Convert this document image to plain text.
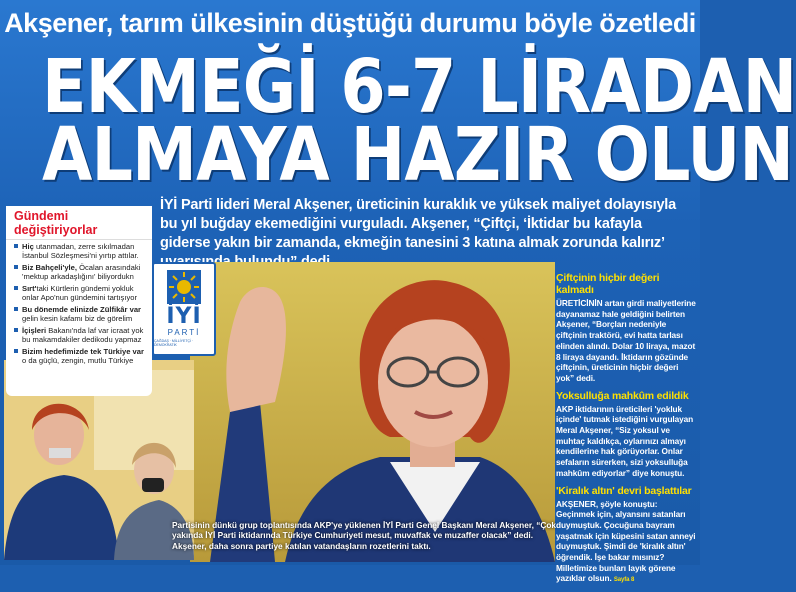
Akşener, tarım ülkesinin düştüğü durumu böyle özetledi
EKMEĞİ 6-7 LİRADAN
ALMAYA HAZIR OLUN
İYİ Parti lideri Meral Akşener, üreticinin kuraklık ve yüksek maliyet dolayısıyla bu yıl buğday ekemediğini vurguladı. Akşener, “Çiftçi, ‘İktidar bu kafayla giderse yakın bir zamanda, ekmeğin tanesini 3 katına almak zorunda kalırız’
Gündemi değiştiriyorlar
Hiç utanmadan, zerre sıkılmadan İstanbul Sözleşmesi'ni yırtıp attılar.
Biz Bahçeli'yle, Öcalan arasındaki 'mektup arkadaşlığını' biliyordukn
Sırt'taki Kürtlerin gündemi yokluk onlar Apo'nun gündemini tartışıyor
Bu dönemde elinizde Zülfikâr var gelin kesin kafamı biz de görelim
İçişleri Bakanı'nda laf var icraat yok bu makamdakiler dedikodu yapmaz
Bizim hedefimizde tek Türkiye var o da güçlü, zengin, mutlu Türkiye
İYİ
PARTİ
ÇAĞDAŞ · MİLLİYETÇİ · DEMOKRATİK
Partisinin dünkü grup toplantısında AKP'ye yüklenen İYİ Parti Genel Başkanı Meral Akşener, “Çok yakında İYİ Parti iktidarında Türkiye Cumhuriyeti mesut, muvaffak ve muzaffer olacak” dedi. Akşener, daha sonra partiye katılan vatandaşların rozetlerini taktı.
Çiftçinin hiçbir değeri kalmadı
ÜRETİCİNİN artan girdi maliyetlerine dayanamaz hale geldiğini belirten Akşener, “Borçları nedeniyle çiftçinin traktörü, evi hatta tarlası elinden alındı. Dolar 10 liraya, mazot 8 liraya dayandı. İktidarın gözünde çiftçinin, üreticinin hiçbir değeri yok” dedi.
Yoksulluğa mahkûm edildik
AKP iktidarının üreticileri 'yokluk içinde' tutmak istediğini vurgulayan Meral Akşener, “Siz yoksul ve muhtaç kaldıkça, oylarınızı almayı kendilerine hak görüyorlar. Onlar sefaların sürerken, sizi yoksulluğa mahkûm ediyorlar” diye konuştu.
'Kiralık altın' devri başlattılar
AKŞENER, şöyle konuştu: Geçinmek için, alyansını satanları duymuştuk. Çocuğuna bayram yaşatmak için küpesini satan anneyi duymuştuk. Şimdi de 'kiralık altın' öğrendik. İşe bakar mısınız? Milletimize bunları layık görene yazıklar olsun. Sayfa 8
